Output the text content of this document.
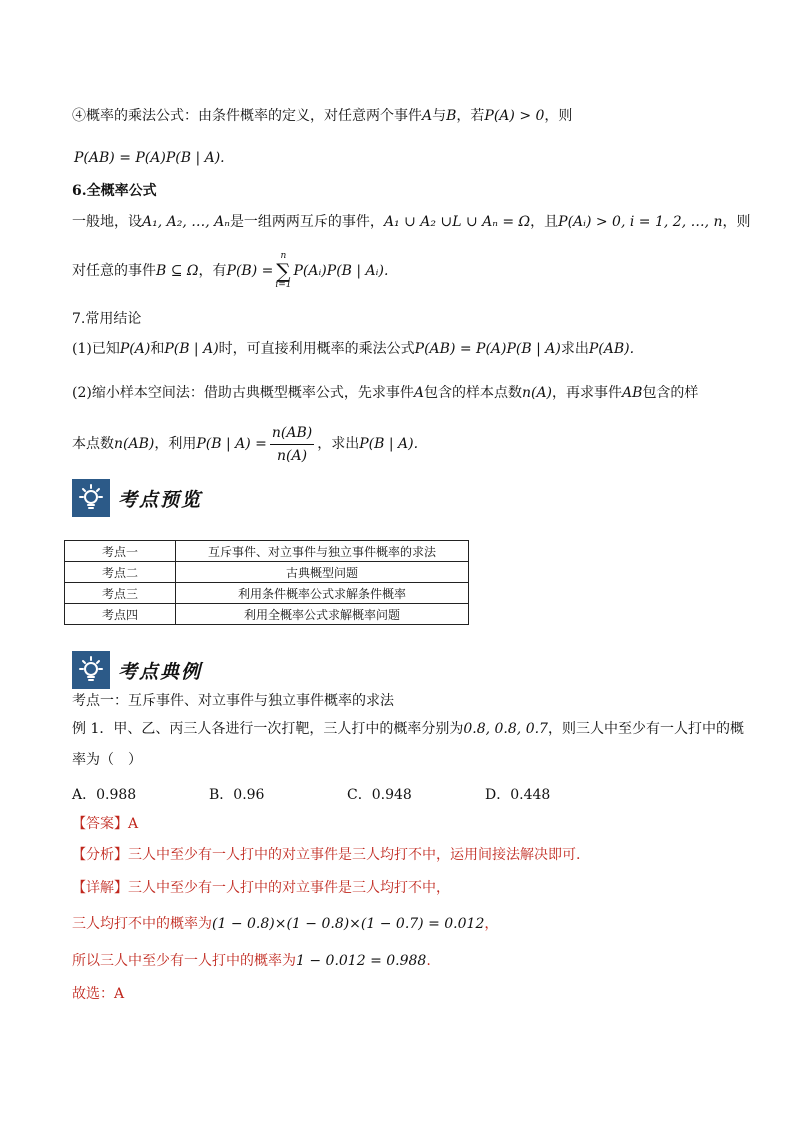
④概率的乘法公式：由条件概率的定义，对任意两个事件A与B，若P(A) > 0，则
P(AB) = P(A)P(B | A).
6.全概率公式
一般地，设A₁, A₂, …, Aₙ是一组两两互斥的事件，A₁ ∪ A₂ ∪L ∪ Aₙ = Ω，且P(Aᵢ) > 0, i = 1, 2, …, n，则
对任意的事件B ⊆ Ω，有P(B) =
n
∑
i=1
P(Aᵢ)P(B | Aᵢ).
7.常用结论
(1)已知P(A)和P(B | A)时，可直接利用概率的乘法公式P(AB) = P(A)P(B | A)求出P(AB).
(2)缩小样本空间法：借助古典概型概率公式，先求事件A包含的样本点数n(A)，再求事件AB包含的样
本点数n(AB)，利用P(B | $A) = \frac{n(AB)}{n(A)}$ ，求出P(B | A).
考点预览
考点一	互斥事件、对立事件与独立事件概率的求法
考点二	古典概型问题
考点三	利用条件概率公式求解条件概率
考点四	利用全概率公式求解概率问题
考点典例
考点一：互斥事件、对立事件与独立事件概率的求法
例 1．甲、乙、丙三人各进行一次打靶，三人打中的概率分别为0.8, 0.8, 0.7，则三人中至少有一人打中的概
率为（　）
A．0.988	B．0.96	C．0.948	D．0.448
【答案】A
【分析】三人中至少有一人打中的对立事件是三人均打不中，运用间接法解决即可.
【详解】三人中至少有一人打中的对立事件是三人均打不中，
三人均打不中的概率为(1 − 0.8)×(1 − 0.8)×(1 − 0.7) = 0.012，
所以三人中至少有一人打中的概率为1 − 0.012 = 0.988.
故选：A
